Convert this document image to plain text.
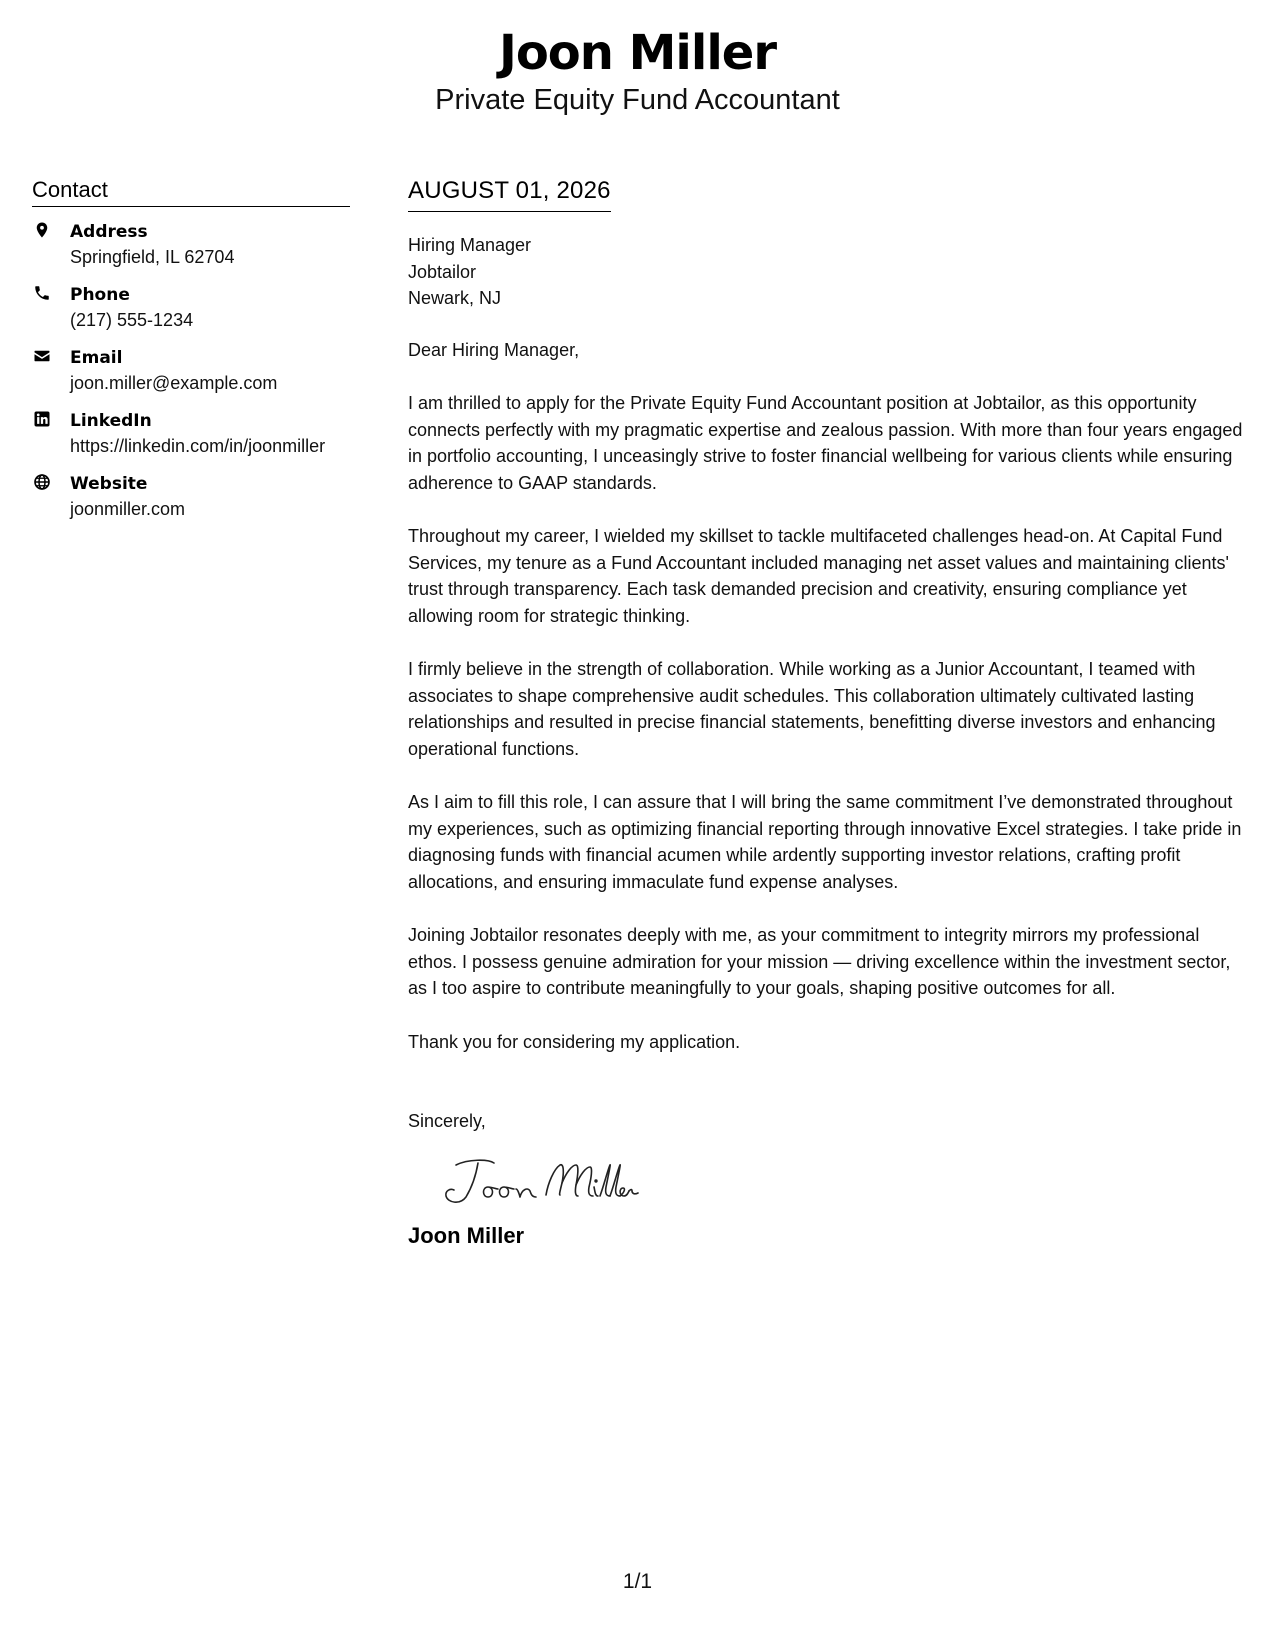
Joon Miller
Private Equity Fund Accountant
Contact
Address
Springfield, IL 62704
Phone
(217) 555-1234
Email
joon.miller@example.com
LinkedIn
https://linkedin.com/in/joonmiller
Website
joonmiller.com
AUGUST 01, 2026
Hiring Manager
Jobtailor
Newark, NJ
Dear Hiring Manager,

I am thrilled to apply for the Private Equity Fund Accountant position at Jobtailor, as this opportunity connects perfectly with my pragmatic expertise and zealous passion. With more than four years engaged in portfolio accounting, I unceasingly strive to foster financial wellbeing for various clients while ensuring adherence to GAAP standards.

Throughout my career, I wielded my skillset to tackle multifaceted challenges head-on. At Capital Fund Services, my tenure as a Fund Accountant included managing net asset values and maintaining clients' trust through transparency. Each task demanded precision and creativity, ensuring compliance yet allowing room for strategic thinking.

I firmly believe in the strength of collaboration. While working as a Junior Accountant, I teamed with associates to shape comprehensive audit schedules. This collaboration ultimately cultivated lasting relationships and resulted in precise financial statements, benefitting diverse investors and enhancing operational functions.

As I aim to fill this role, I can assure that I will bring the same commitment I’ve demonstrated throughout my experiences, such as optimizing financial reporting through innovative Excel strategies. I take pride in diagnosing funds with financial acumen while ardently supporting investor relations, crafting profit allocations, and ensuring immaculate fund expense analyses.

Joining Jobtailor resonates deeply with me, as your commitment to integrity mirrors my professional ethos. I possess genuine admiration for your mission — driving excellence within the investment sector, as I too aspire to contribute meaningfully to your goals, shaping positive outcomes for all.

Thank you for considering my application.

Sincerely,
Joon Miller
1/1
